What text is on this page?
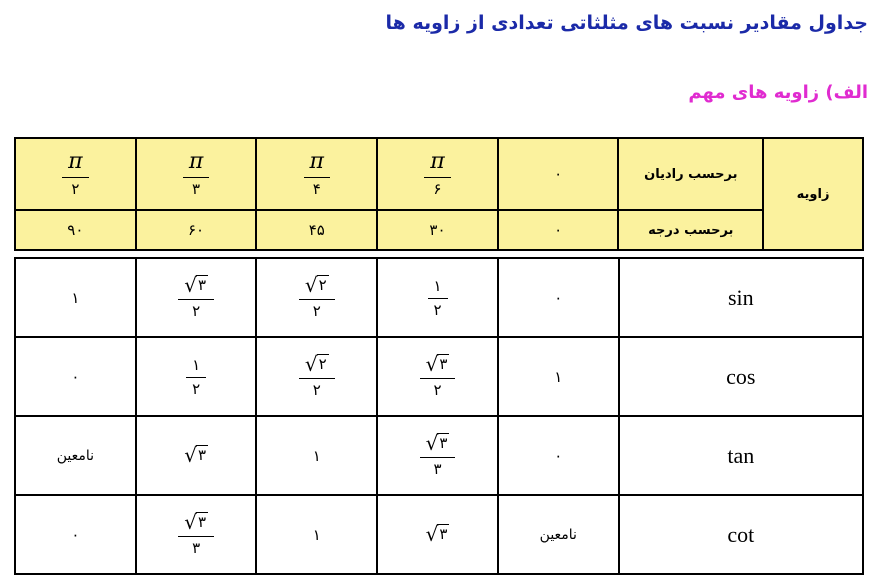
جداول مقادیر نسبت های مثلثاتی تعدادی از زاویه ها
الف) زاویه های مهم
$\frac{\pi}{۲}$	$\frac{\pi}{۳}$	$\frac{\pi}{۴}$	$\frac{\pi}{۶}$	۰	برحسب رادیان	زاویه
۹۰	۶۰	۴۵	۳۰	۰	برحسب درجه	
۱	$\frac{√ ۳}{۲}$	$\frac{√ ۲}{۲}$	$\frac{۱}{۲}$	۰	sin
۰	$\frac{۱}{۲}$	$\frac{√ ۲}{۲}$	$\frac{√ ۳}{۲}$	۱	cos
نامعین	√ ۳	۱	$\frac{√ ۳}{۳}$	۰	tan
۰	$\frac{√ ۳}{۳}$	۱	√ ۳	نامعین	cot
